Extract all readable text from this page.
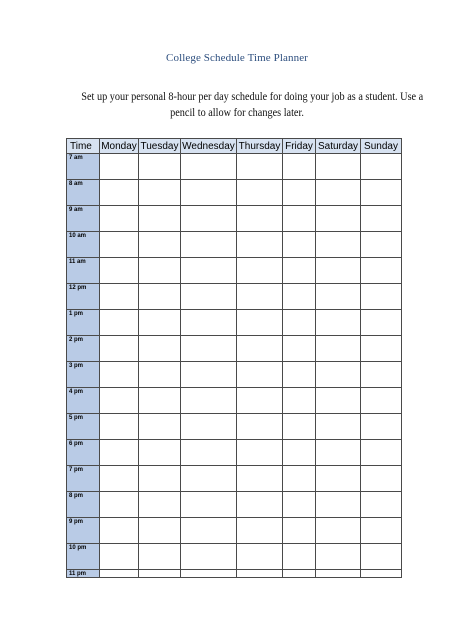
College Schedule Time Planner
Set up your personal 8-hour per day schedule for doing your job as a student. Use a
pencil to allow for changes later.
Time	Monday	Tuesday	Wednesday	Thursday	Friday	Saturday	Sunday
7 am							
8 am							
9 am							
10 am							
11 am							
12 pm							
1 pm							
2 pm							
3 pm							
4 pm							
5 pm							
6 pm							
7 pm							
8 pm							
9 pm							
10 pm							
11 pm							
